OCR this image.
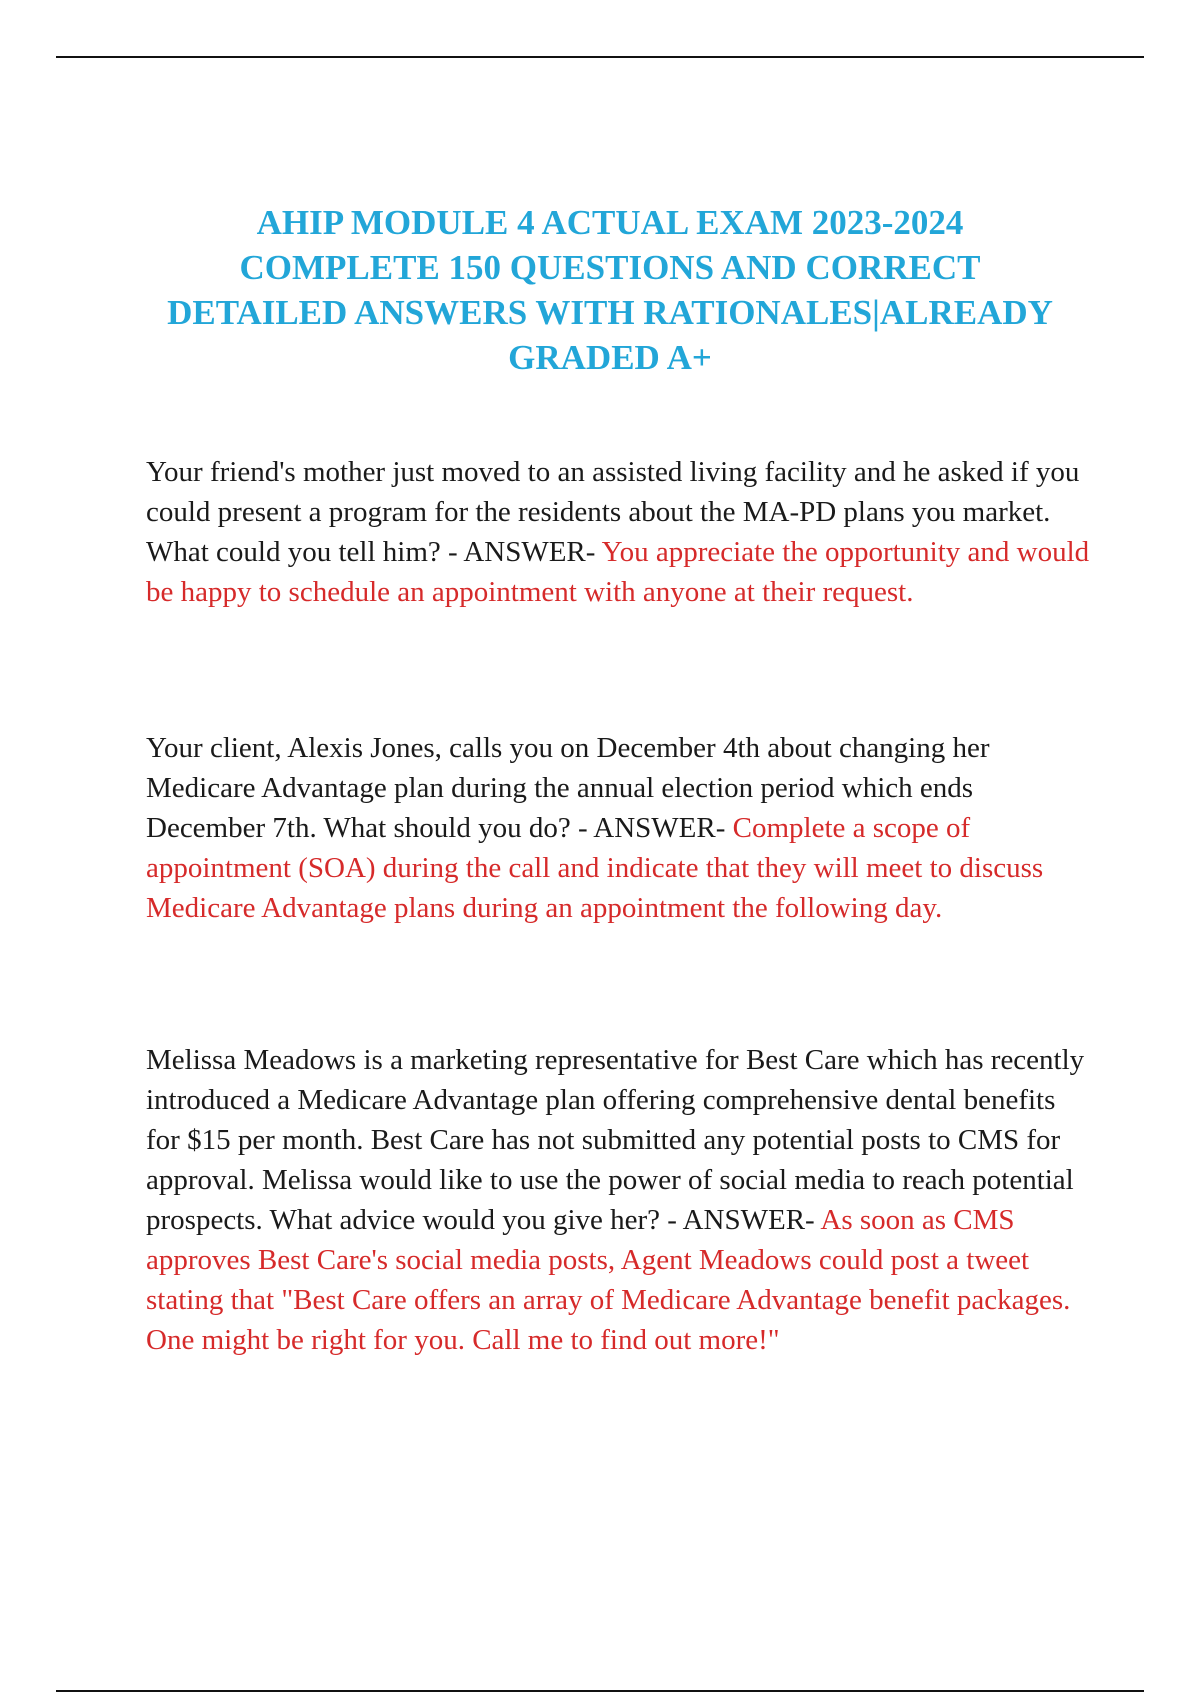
AHIP MODULE 4 ACTUAL EXAM 2023-2024
COMPLETE 150 QUESTIONS AND CORRECT
DETAILED ANSWERS WITH RATIONALES|ALREADY
GRADED A+

Your friend's mother just moved to an assisted living facility and he asked if you could present a program for the residents about the MA-PD plans you market. What could you tell him? - ANSWER- You appreciate the opportunity and would be happy to schedule an appointment with anyone at their request.

Your client, Alexis Jones, calls you on December 4th about changing her Medicare Advantage plan during the annual election period which ends December 7th. What should you do? - ANSWER- Complete a scope of appointment (SOA) during the call and indicate that they will meet to discuss Medicare Advantage plans during an appointment the following day.

Melissa Meadows is a marketing representative for Best Care which has recently introduced a Medicare Advantage plan offering comprehensive dental benefits for $15 per month. Best Care has not submitted any potential posts to CMS for approval. Melissa would like to use the power of social media to reach potential prospects. What advice would you give her? - ANSWER- As soon as CMS approves Best Care's social media posts, Agent Meadows could post a tweet stating that "Best Care offers an array of Medicare Advantage benefit packages. One might be right for you. Call me to find out more!"
